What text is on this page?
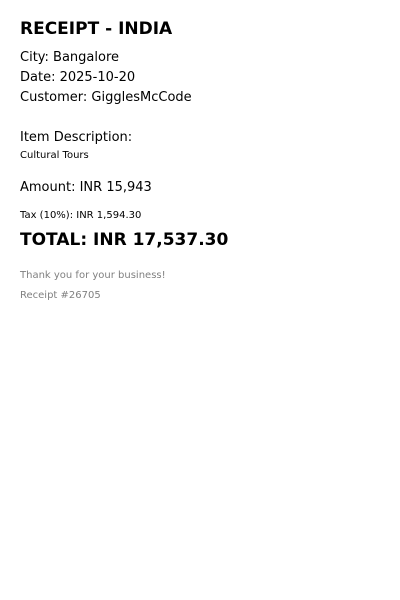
RECEIPT - INDIA
City: Bangalore
Date: 2025-10-20
Customer: GigglesMcCode
Item Description:
Cultural Tours
Amount: INR 15,943
Tax (10%): INR 1,594.30
TOTAL: INR 17,537.30
Thank you for your business!
Receipt #26705
